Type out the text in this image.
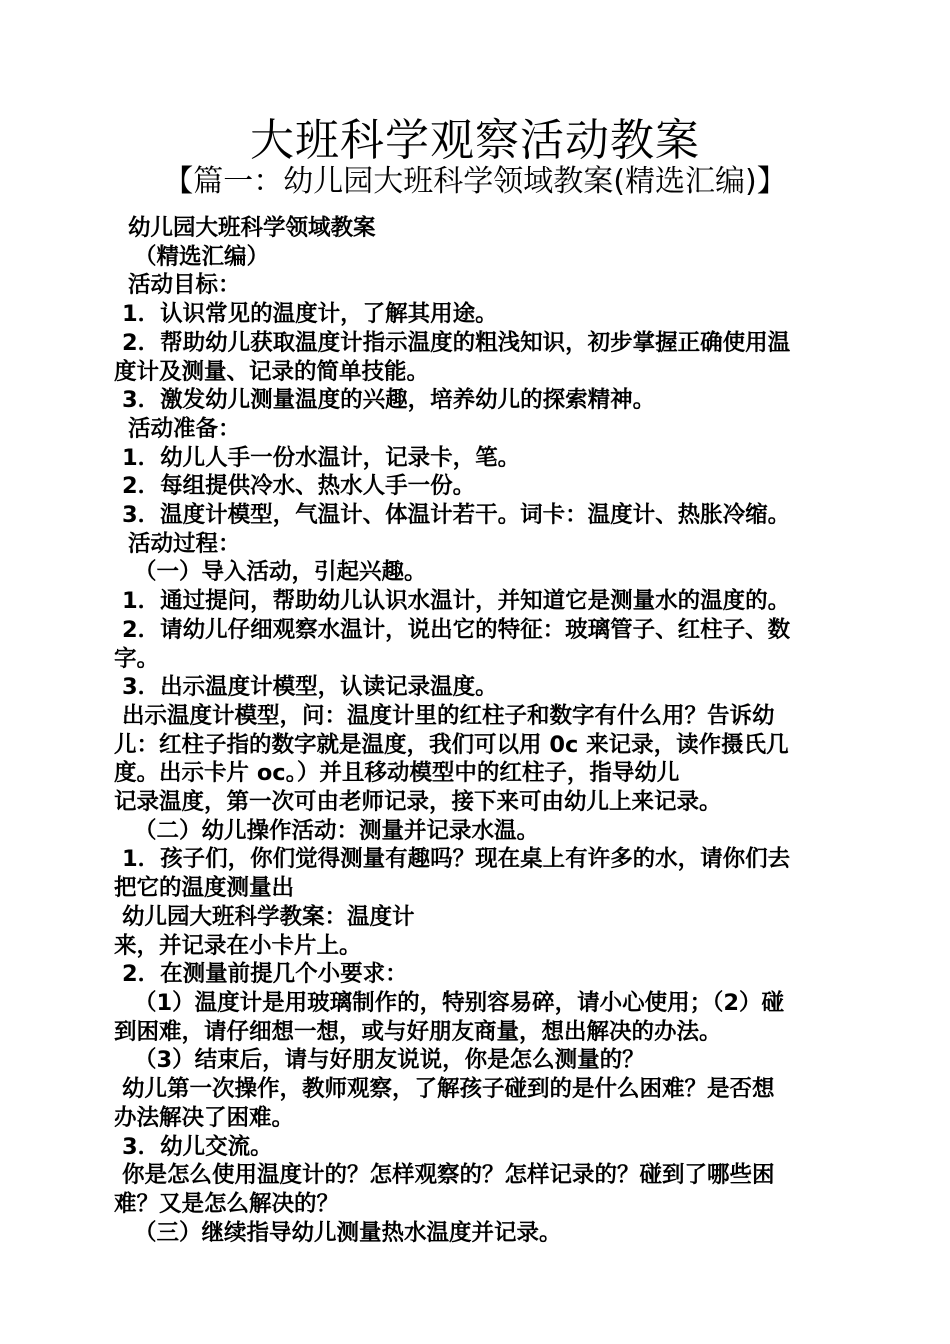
大班科学观察活动教案
【篇一：幼儿园大班科学领域教案(精选汇编)】
幼儿园大班科学领域教案
（精选汇编）
活动目标：
1．认识常见的温度计，了解其用途。
2．帮助幼儿获取温度计指示温度的粗浅知识，初步掌握正确使用温
度计及测量、记录的简单技能。
3．激发幼儿测量温度的兴趣，培养幼儿的探索精神。
活动准备：
1．幼儿人手一份水温计，记录卡，笔。
2．每组提供冷水、热水人手一份。
3．温度计模型，气温计、体温计若干。词卡：温度计、热胀冷缩。
活动过程：
（一）导入活动，引起兴趣。
1．通过提问，帮助幼儿认识水温计，并知道它是测量水的温度的。
2．请幼儿仔细观察水温计，说出它的特征：玻璃管子、红柱子、数
字。
3．出示温度计模型，认读记录温度。
出示温度计模型，问：温度计里的红柱子和数字有什么用？告诉幼
儿：红柱子指的数字就是温度，我们可以用 0c 来记录，读作摄氏几
度。出示卡片 oc。）并且移动模型中的红柱子，指导幼儿
记录温度，第一次可由老师记录，接下来可由幼儿上来记录。
（二）幼儿操作活动：测量并记录水温。
1．孩子们，你们觉得测量有趣吗？现在桌上有许多的水，请你们去
把它的温度测量出
幼儿园大班科学教案：温度计
来，并记录在小卡片上。
2．在测量前提几个小要求：
（1）温度计是用玻璃制作的，特别容易碎，请小心使用；（2）碰
到困难，请仔细想一想，或与好朋友商量，想出解决的办法。
（3）结束后，请与好朋友说说，你是怎么测量的？
幼儿第一次操作，教师观察，了解孩子碰到的是什么困难？是否想
办法解决了困难。
3．幼儿交流。
你是怎么使用温度计的？怎样观察的？怎样记录的？碰到了哪些困
难？又是怎么解决的？
（三）继续指导幼儿测量热水温度并记录。
